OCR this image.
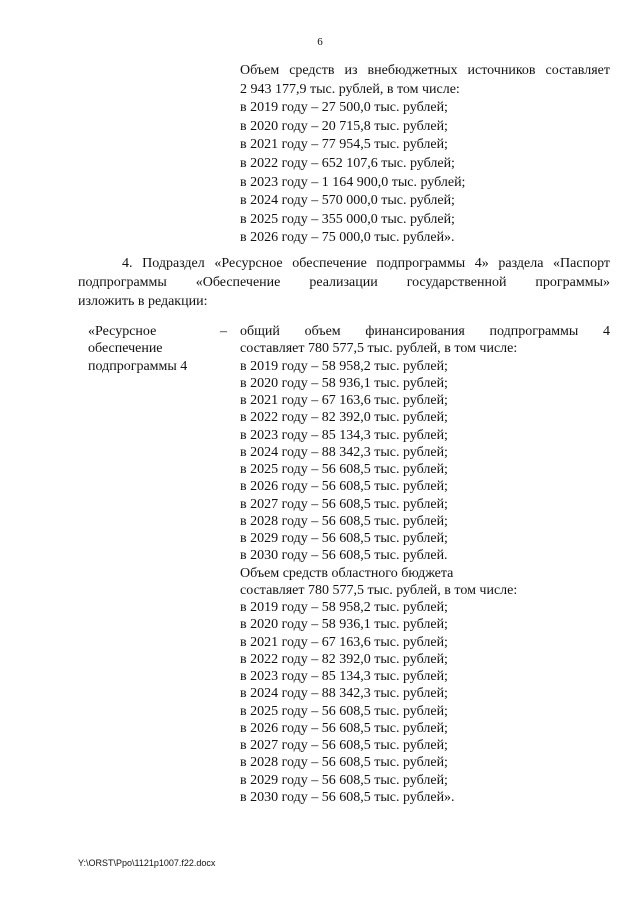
6
Объем средств из внебюджетных источников составляет
2 943 177,9 тыс. рублей, в том числе:
в 2019 году – 27 500,0 тыс. рублей;
в 2020 году – 20 715,8 тыс. рублей;
в 2021 году – 77 954,5 тыс. рублей;
в 2022 году – 652 107,6 тыс. рублей;
в 2023 году – 1 164 900,0 тыс. рублей;
в 2024 году – 570 000,0 тыс. рублей;
в 2025 году – 355 000,0 тыс. рублей;
в 2026 году – 75 000,0 тыс. рублей».
4. Подраздел «Ресурсное обеспечение подпрограммы 4» раздела «Паспорт
подпрограммы «Обеспечение реализации государственной программы»
изложить в редакции:
«Ресурсное
обеспечение
подпрограммы 4
– общий объем финансирования подпрограммы 4
составляет 780 577,5 тыс. рублей, в том числе:
в 2019 году – 58 958,2 тыс. рублей;
в 2020 году – 58 936,1 тыс. рублей;
в 2021 году – 67 163,6 тыс. рублей;
в 2022 году – 82 392,0 тыс. рублей;
в 2023 году – 85 134,3 тыс. рублей;
в 2024 году – 88 342,3 тыс. рублей;
в 2025 году – 56 608,5 тыс. рублей;
в 2026 году – 56 608,5 тыс. рублей;
в 2027 году – 56 608,5 тыс. рублей;
в 2028 году – 56 608,5 тыс. рублей;
в 2029 году – 56 608,5 тыс. рублей;
в 2030 году – 56 608,5 тыс. рублей.
Объем средств областного бюджета
составляет 780 577,5 тыс. рублей, в том числе:
в 2019 году – 58 958,2 тыс. рублей;
в 2020 году – 58 936,1 тыс. рублей;
в 2021 году – 67 163,6 тыс. рублей;
в 2022 году – 82 392,0 тыс. рублей;
в 2023 году – 85 134,3 тыс. рублей;
в 2024 году – 88 342,3 тыс. рублей;
в 2025 году – 56 608,5 тыс. рублей;
в 2026 году – 56 608,5 тыс. рублей;
в 2027 году – 56 608,5 тыс. рублей;
в 2028 году – 56 608,5 тыс. рублей;
в 2029 году – 56 608,5 тыс. рублей;
в 2030 году – 56 608,5 тыс. рублей».
Y:\ORST\Ppo\1121p1007.f22.docx
